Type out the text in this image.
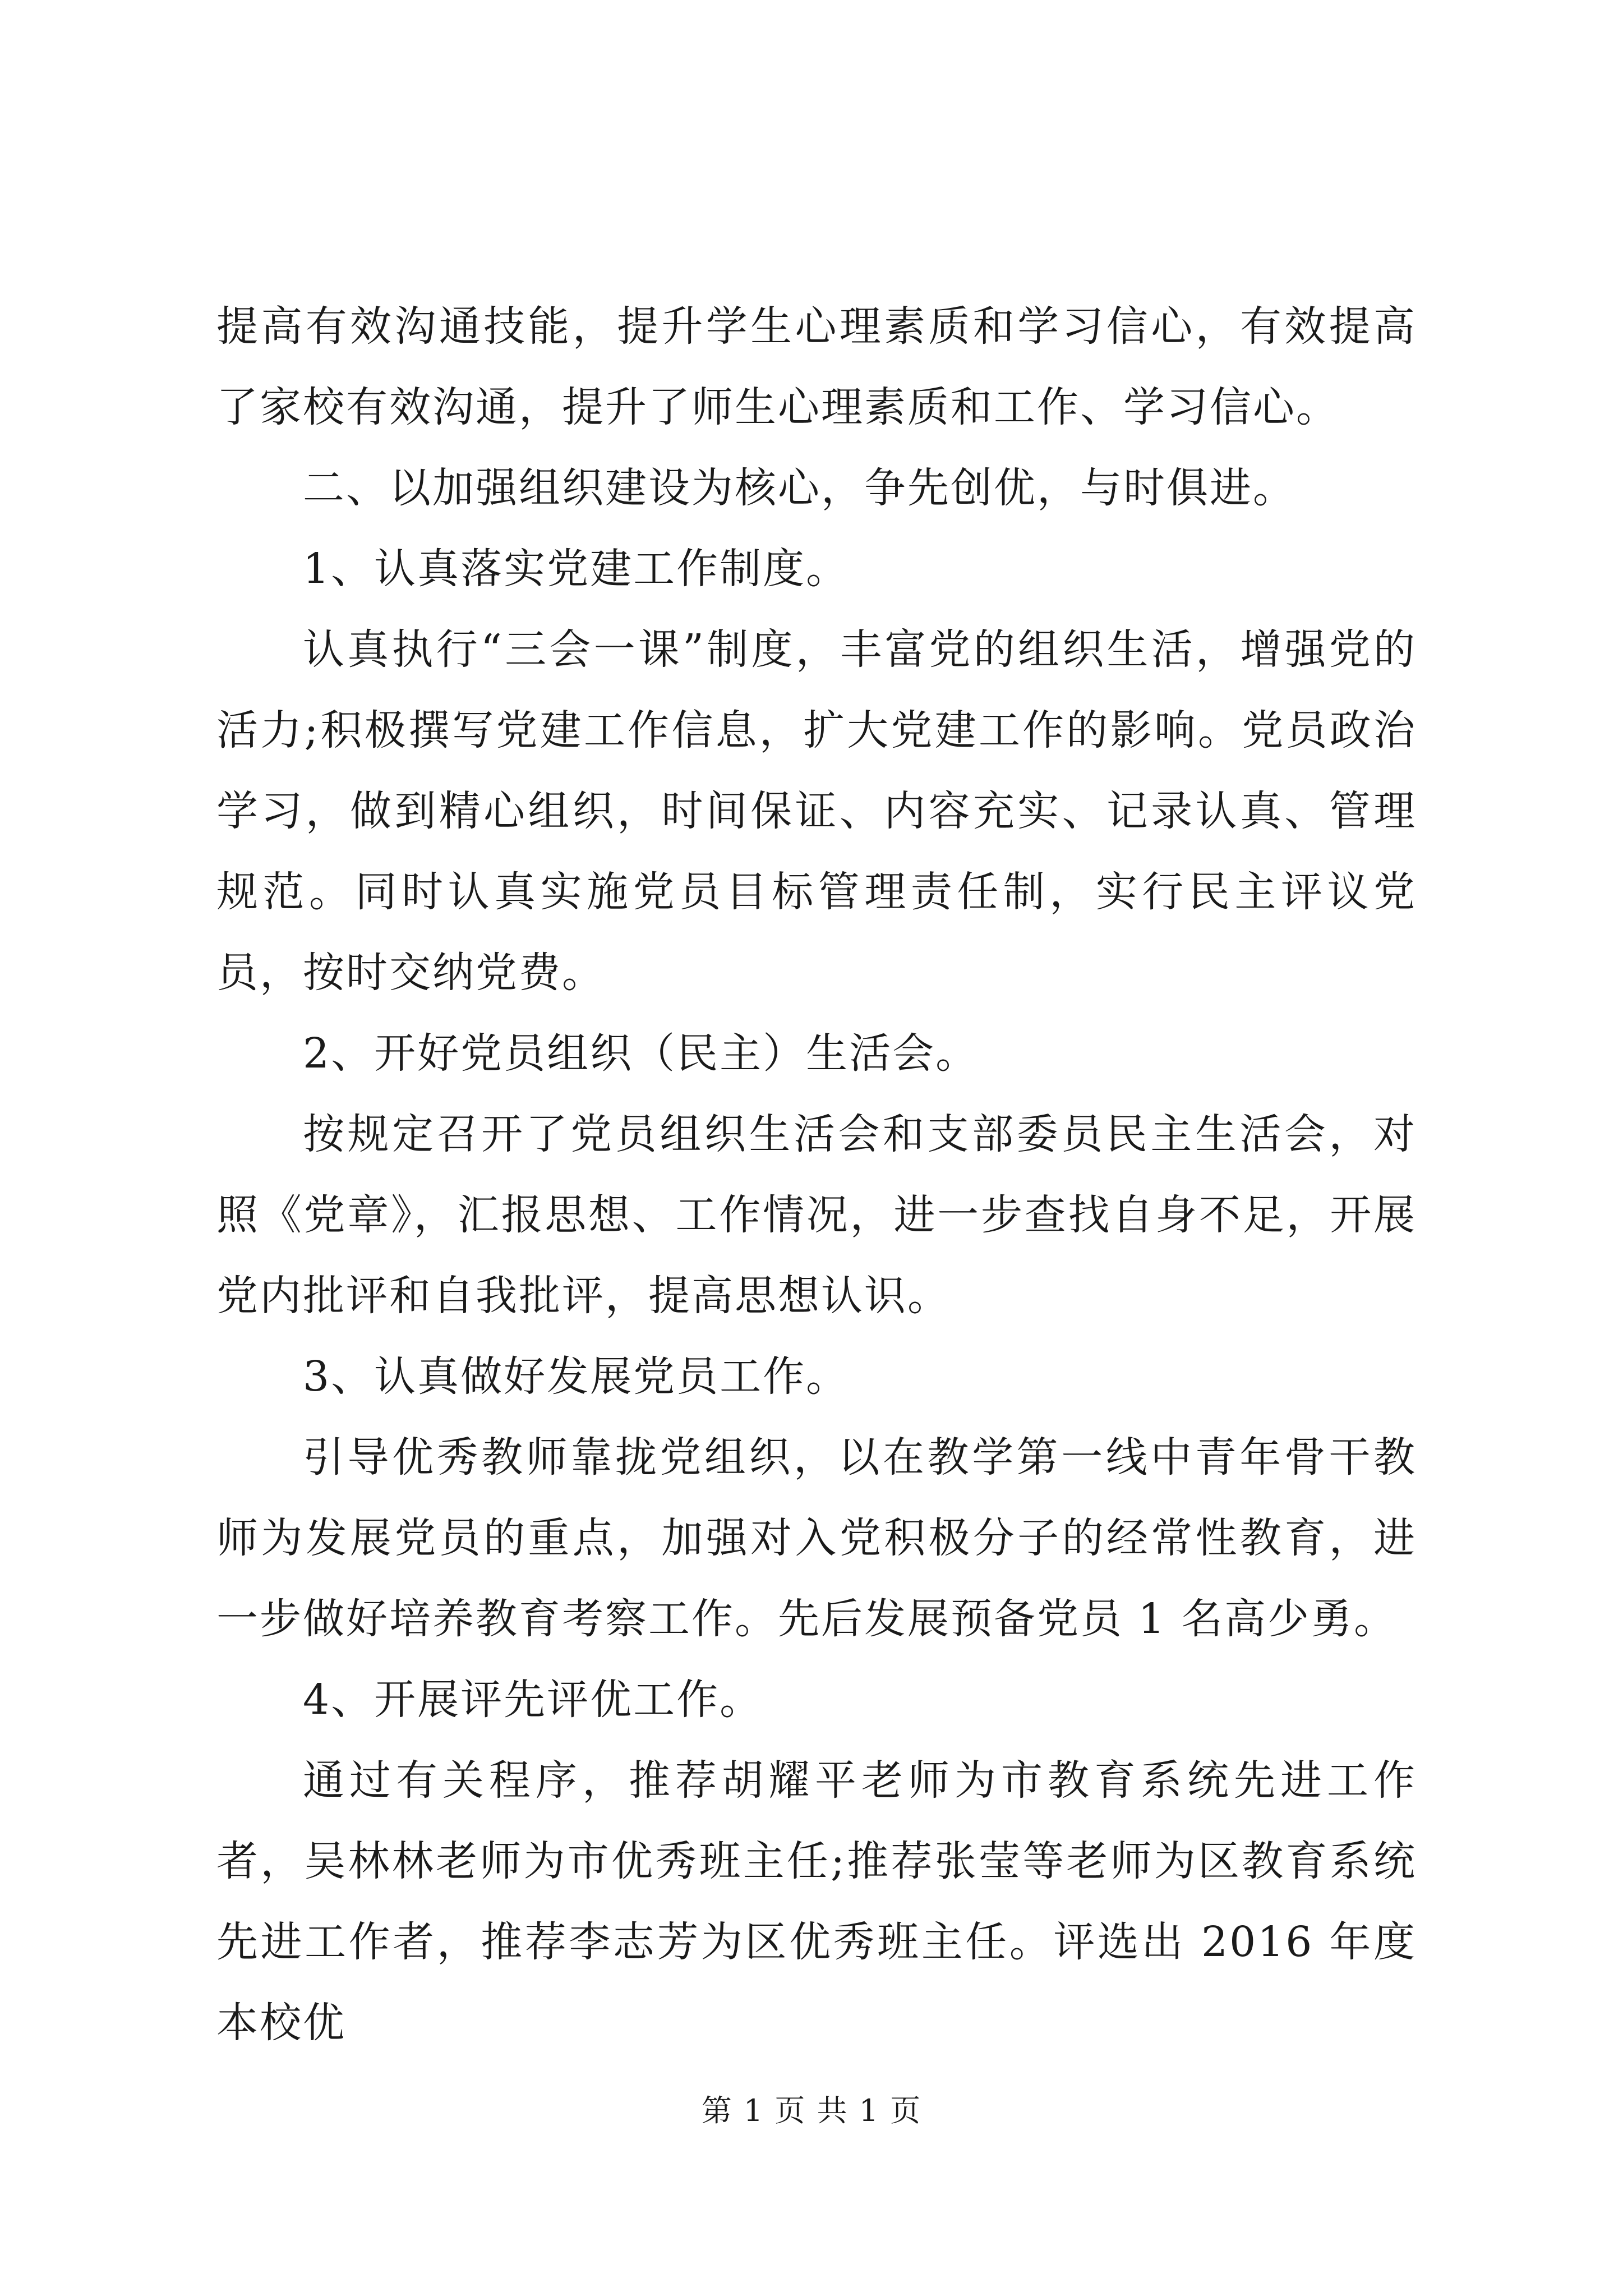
提高有效沟通技能，提升学生心理素质和学习信心，有效提高了家校有效沟通，提升了师生心理素质和工作、学习信心。

二、以加强组织建设为核心，争先创优，与时俱进。

1、认真落实党建工作制度。

认真执行“三会一课”制度，丰富党的组织生活，增强党的活力;积极撰写党建工作信息，扩大党建工作的影响。党员政治学习，做到精心组织，时间保证、内容充实、记录认真、管理规范。同时认真实施党员目标管理责任制，实行民主评议党员，按时交纳党费。

2、开好党员组织（民主）生活会。

按规定召开了党员组织生活会和支部委员民主生活会，对照《党章》，汇报思想、工作情况，进一步查找自身不足，开展党内批评和自我批评，提高思想认识。

3、认真做好发展党员工作。

引导优秀教师靠拢党组织，以在教学第一线中青年骨干教师为发展党员的重点，加强对入党积极分子的经常性教育，进一步做好培养教育考察工作。先后发展预备党员 1 名高少勇。

4、开展评先评优工作。

通过有关程序，推荐胡耀平老师为市教育系统先进工作者，吴林林老师为市优秀班主任;推荐张莹等老师为区教育系统先进工作者，推荐李志芳为区优秀班主任。评选出 2016 年度本校优

第 1 页 共 1 页
